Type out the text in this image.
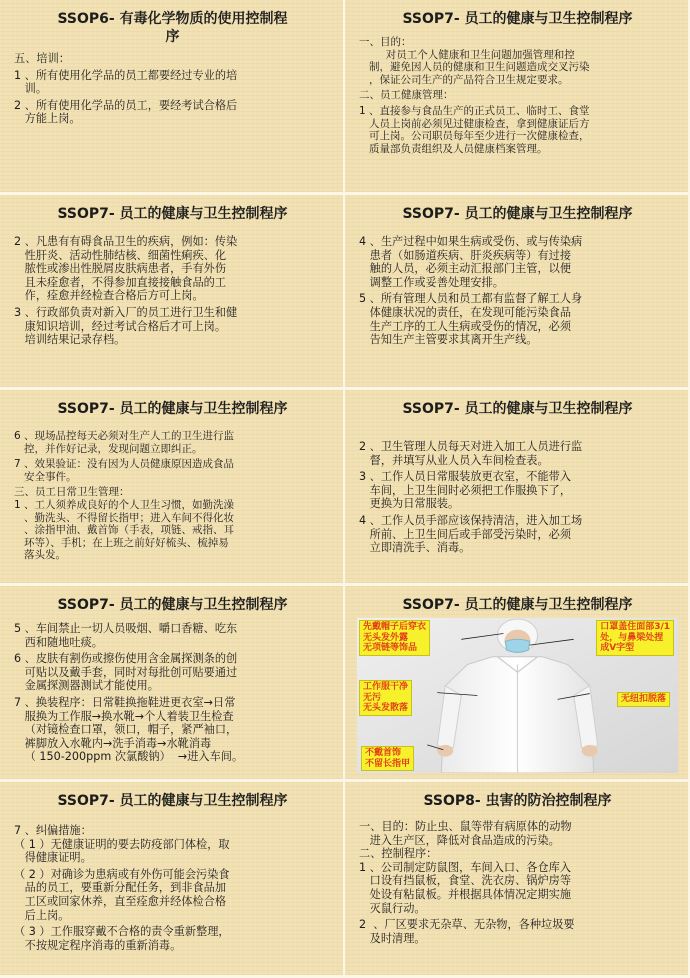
SSOP6- 有毒化学物质的使用控制程
序
五、培训：
1 、所有使用化学品的员工都要经过专业的培
训。
2 、所有使用化学品的员工，要经考试合格后
方能上岗。
SSOP7- 员工的健康与卫生控制程序
一、目的：
对员工个人健康和卫生问题加强管理和控
制，避免因人员的健康和卫生问题造成交叉污染
，保证公司生产的产品符合卫生规定要求。
二、员工健康管理：
1 、直接参与食品生产的正式员工、临时工、食堂
人员上岗前必须见过健康检查，拿到健康证后方
可上岗。公司职员每年至少进行一次健康检查，
质量部负责组织及人员健康档案管理。
SSOP7- 员工的健康与卫生控制程序
2 、凡患有有碍食品卫生的疾病，例如：传染
性肝炎、活动性肺结核、细菌性痢疾、化
脓性或渗出性脱屑皮肤病患者，手有外伤
且未痊愈者，不得参加直接接触食品的工
作，痊愈并经检查合格后方可上岗。
3 、行政部负责对新入厂的员工进行卫生和健
康知识培训，经过考试合格后才可上岗。
培训结果记录存档。
SSOP7- 员工的健康与卫生控制程序
4 、生产过程中如果生病或受伤、或与传染病
患者（如肠道疾病、肝炎疾病等）有过接
触的人员，必须主动汇报部门主管，以便
调整工作或妥善处理安排。
5 、所有管理人员和员工都有监督了解工人身
体健康状况的责任，在发现可能污染食品
生产工序的工人生病或受伤的情况，必须
告知生产主管要求其离开生产线。
SSOP7- 员工的健康与卫生控制程序
6 、现场品控每天必须对生产人工的卫生进行监
控，并作好记录，发现问题立即纠正。
7 、效果验证：没有因为人员健康原因造成食品
安全事件。
三、员工日常卫生管理：
1 、工人须养成良好的个人卫生习惯，如勤洗澡
、勤洗头、不得留长指甲；进入车间不得化妆
、涂指甲油、戴首饰（手表，项链、戒指、耳
环等）、手机；在上班之前好好梳头、梳掉易
落头发。
SSOP7- 员工的健康与卫生控制程序
2 、卫生管理人员每天对进入加工人员进行监
督，并填写从业人员入车间检查表。
3 、工作人员日常服装放更衣室，不能带入
车间，上卫生间时必须把工作服换下了，
更换为日常服装。
4 、工作人员手部应该保持清洁，进入加工场
所前、上卫生间后或手部受污染时，必须
立即清洗手、消毒。
SSOP7- 员工的健康与卫生控制程序
5 、车间禁止一切人员吸烟、嚼口香糖、吃东
西和随地吐痰。
6 、皮肤有割伤或擦伤使用含金属探测条的创
可贴以及戴手套，同时对每批创可贴要通过
金属探测器测试才能使用。
7 、换装程序：日常鞋换拖鞋进更衣室→日常
服换为工作服→换水靴→个人着装卫生检查
（对镜检查口罩，领口，帽子，紧严袖口，
裤脚放入水靴内→洗手消毒→水靴消毒
（ 150-200ppm 次氯酸钠）  →进入车间。
SSOP7- 员工的健康与卫生控制程序
先戴帽子后穿衣
无头发外露
无项链等饰品
口罩盖住面部3/1
处，与鼻梁处捏
成V字型
工作服干净
无污
无头发散落
无纽扣脱落
不戴首饰
不留长指甲
SSOP7- 员工的健康与卫生控制程序
7 、纠偏措施：
（ 1 ）无健康证明的要去防疫部门体检，取
得健康证明。
（ 2 ）对确诊为患病或有外伤可能会污染食
品的员工，要重新分配任务，到非食品加
工区或回家休养，直至痊愈并经体检合格
后上岗。
（ 3 ）工作服穿戴不合格的责令重新整理，
不按规定程序消毒的重新消毒。
SSOP8- 虫害的防治控制程序
一、目的：防止虫、鼠等带有病原体的动物
进入生产区，降低对食品造成的污染。
二、控制程序：
1 、公司制定防鼠图，车间入口、各仓库入
口设有挡鼠板，食堂、洗衣房、锅炉房等
处设有粘鼠板。并根据具体情况定期实施
灭鼠行动。
2  、厂区要求无杂草、无杂物，各种垃圾要
及时清理。
